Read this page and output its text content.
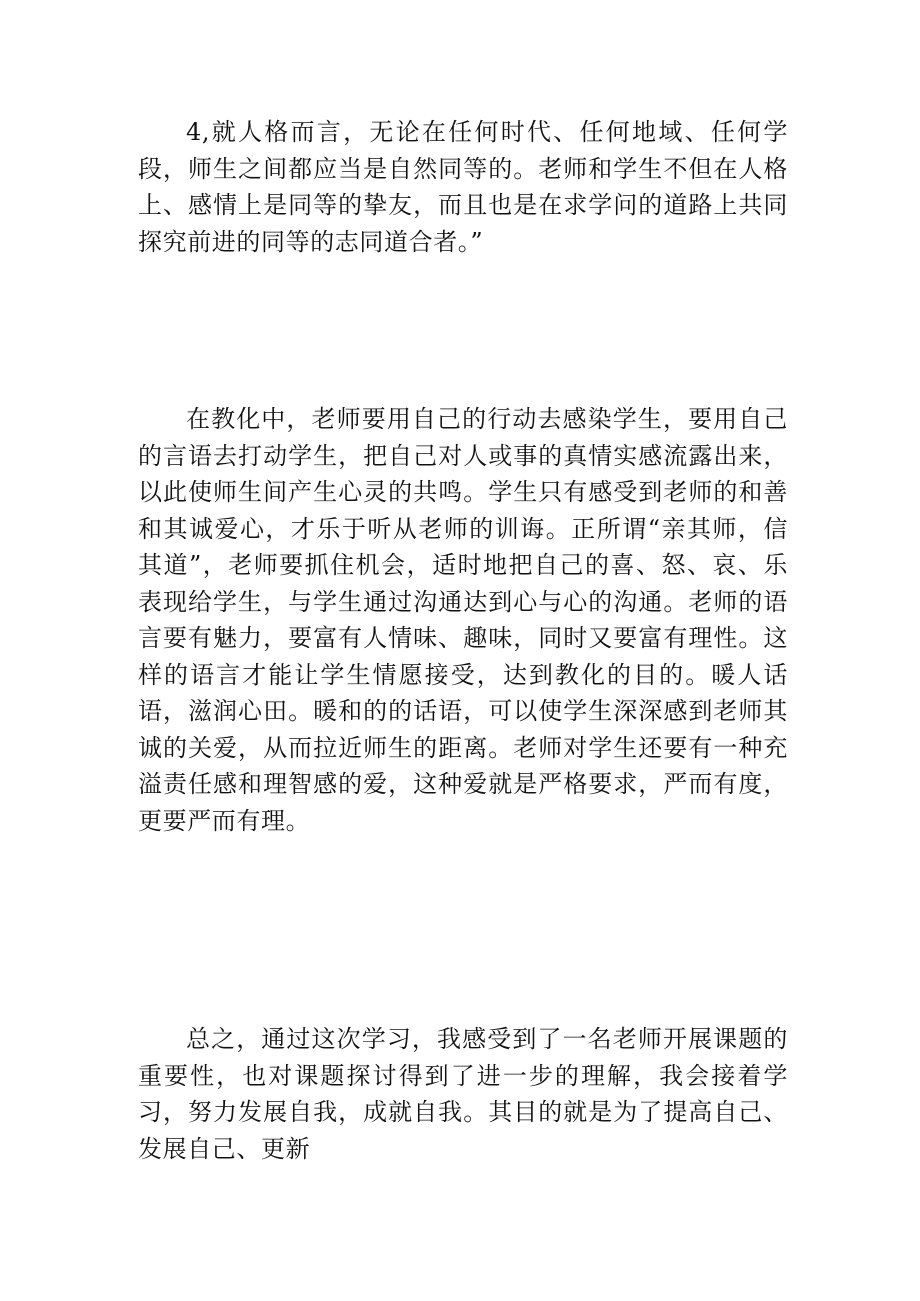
4,就人格而言，无论在任何时代、任何地域、任何学段，师生之间都应当是自然同等的。老师和学生不但在人格上、感情上是同等的挚友，而且也是在求学问的道路上共同探究前进的同等的志同道合者。”

在教化中，老师要用自己的行动去感染学生，要用自己的言语去打动学生，把自己对人或事的真情实感流露出来，以此使师生间产生心灵的共鸣。学生只有感受到老师的和善和其诚爱心，才乐于听从老师的训诲。正所谓“亲其师，信其道”，老师要抓住机会，适时地把自己的喜、怒、哀、乐表现给学生，与学生通过沟通达到心与心的沟通。老师的语言要有魅力，要富有人情味、趣味，同时又要富有理性。这样的语言才能让学生情愿接受，达到教化的目的。暖人话语，滋润心田。暖和的的话语，可以使学生深深感到老师其诚的关爱，从而拉近师生的距离。老师对学生还要有一种充溢责任感和理智感的爱，这种爱就是严格要求，严而有度，更要严而有理。

总之，通过这次学习，我感受到了一名老师开展课题的重要性，也对课题探讨得到了进一步的理解，我会接着学习，努力发展自我，成就自我。其目的就是为了提高自己、发展自己、更新
